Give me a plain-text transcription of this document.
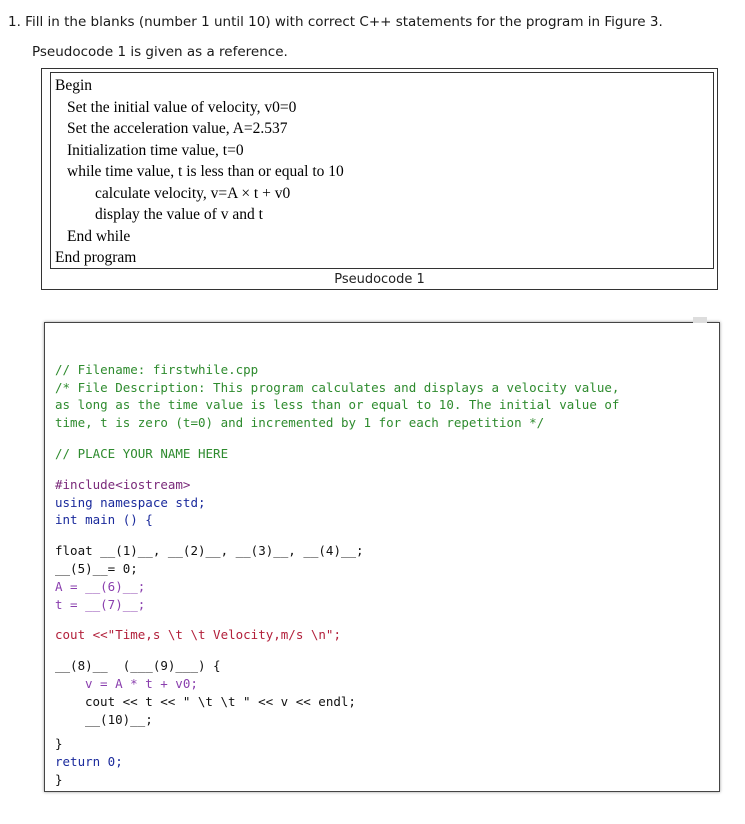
1. Fill in the blanks (number 1 until 10) with correct C++ statements for the program in Figure 3.

Pseudocode 1 is given as a reference.

Begin
Set the initial value of velocity, v0=0
Set the acceleration value, A=2.537
Initialization time value, t=0
while time value, t is less than or equal to 10
calculate velocity, v=A × t + v0
display the value of v and t
End while
End program
Pseudocode 1

// Filename: firstwhile.cpp
/* File Description: This program calculates and displays a velocity value,
as long as the time value is less than or equal to 10. The initial value of
time, t is zero (t=0) and incremented by 1 for each repetition */
// PLACE YOUR NAME HERE
#include<iostream>
using namespace std;
int main () {
float __(1)__, __(2)__, __(3)__, __(4)__;
__(5)__= 0;
A = __(6)__;
t = __(7)__;
cout <<"Time,s \t \t Velocity,m/s \n";
__(8)__  (___(9)___) {
v = A * t + v0;
cout << t << " \t \t " << v << endl;
__(10)__;
}
return 0;
}
